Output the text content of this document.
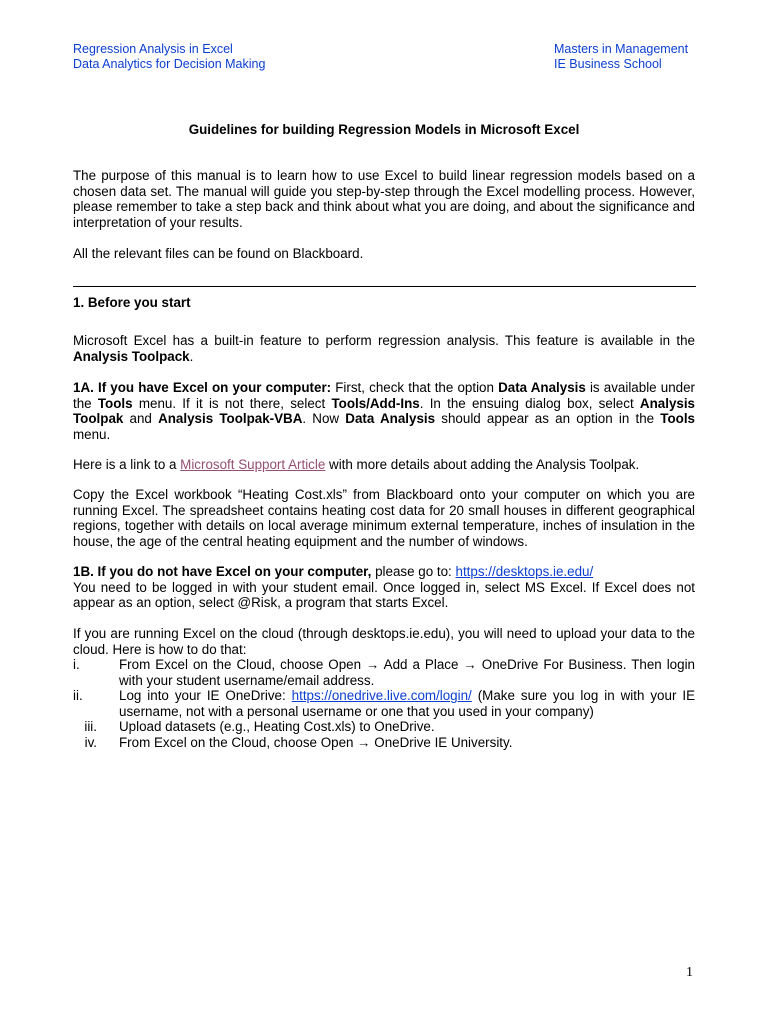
Regression Analysis in Excel
Data Analytics for Decision Making
Masters in Management
IE Business School
Guidelines for building Regression Models in Microsoft Excel
The purpose of this manual is to learn how to use Excel to build linear regression models based on a chosen data set. The manual will guide you step-by-step through the Excel modelling process. However, please remember to take a step back and think about what you are doing, and about the significance and interpretation of your results.
All the relevant files can be found on Blackboard.
1. Before you start
Microsoft Excel has a built-in feature to perform regression analysis. This feature is available in the Analysis Toolpack.
1A. If you have Excel on your computer: First, check that the option Data Analysis is available under the Tools menu. If it is not there, select Tools/Add-Ins. In the ensuing dialog box, select Analysis Toolpak and Analysis Toolpak-VBA. Now Data Analysis should appear as an option in the Tools menu.
Here is a link to a Microsoft Support Article with more details about adding the Analysis Toolpak.
Copy the Excel workbook “Heating Cost.xls” from Blackboard onto your computer on which you are running Excel. The spreadsheet contains heating cost data for 20 small houses in different geographical regions, together with details on local average minimum external temperature, inches of insulation in the house, the age of the central heating equipment and the number of windows.
1B. If you do not have Excel on your computer, please go to: https://desktops.ie.edu/
You need to be logged in with your student email. Once logged in, select MS Excel. If Excel does not appear as an option, select @Risk, a program that starts Excel.
If you are running Excel on the cloud (through desktops.ie.edu), you will need to upload your data to the cloud. Here is how to do that:
i.	From Excel on the Cloud, choose Open → Add a Place → OneDrive For Business. Then login with your student username/email address.
ii.	Log into your IE OneDrive: https://onedrive.live.com/login/ (Make sure you log in with your IE username, not with a personal username or one that you used in your company)
iii. Upload datasets (e.g., Heating Cost.xls) to OneDrive.
iv. From Excel on the Cloud, choose Open → OneDrive IE University.
1
